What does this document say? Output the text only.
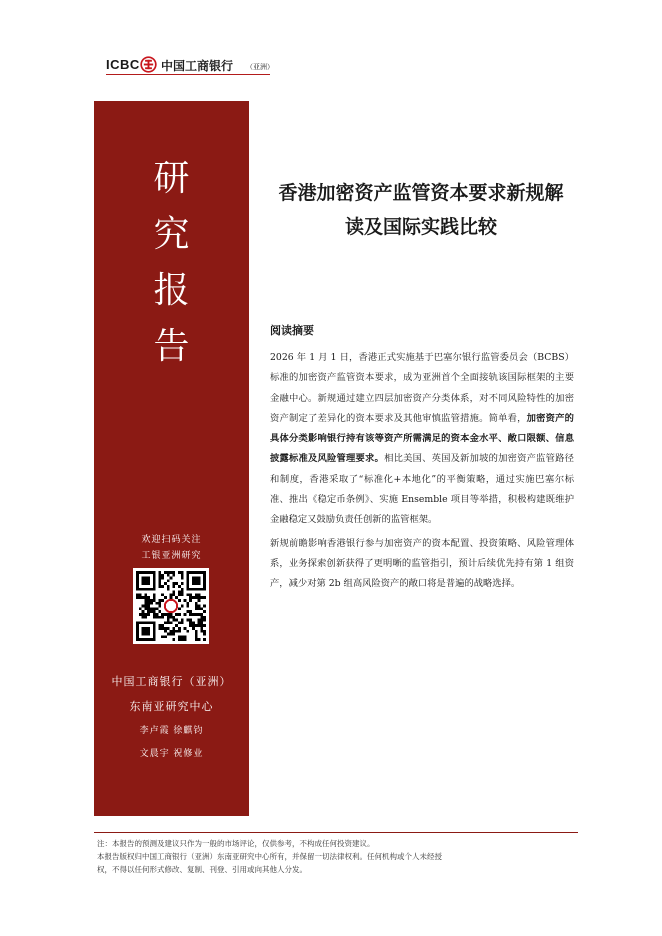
ICBC 中国工商银行 （亚洲）
研
究
报
告
欢迎扫码关注
工银亚洲研究
中国工商银行（亚洲）
东南亚研究中心
李卢霞 徐麒钧
文晨宇 祝修业
香港加密资产监管资本要求新规解
读及国际实践比较
阅读摘要

2026 年 1 月 1 日，香港正式实施基于巴塞尔银行监管委员会（BCBS）标准的加密资产监管资本要求，成为亚洲首个全面接轨该国际框架的主要金融中心。新规通过建立四层加密资产分类体系，对不同风险特性的加密资产制定了差异化的资本要求及其他审慎监管措施。简单看，加密资产的具体分类影响银行持有该等资产所需满足的资本金水平、敞口限额、信息披露标准及风险管理要求。相比美国、英国及新加坡的加密资产监管路径和制度，香港采取了“标准化+本地化”的平衡策略，通过实施巴塞尔标准、推出《稳定币条例》、实施 Ensemble 项目等举措，积极构建既维护金融稳定又鼓励负责任创新的监管框架。

新规前瞻影响香港银行参与加密资产的资本配置、投资策略、风险管理体系，业务探索创新获得了更明晰的监管指引，预计后续优先持有第 1 组资产，减少对第 2b 组高风险资产的敞口将是普遍的战略选择。

注：本报告的预测及建议只作为一般的市场评论，仅供参考，不构成任何投资建议。
本报告版权归中国工商银行（亚洲）东南亚研究中心所有，并保留一切法律权利。任何机构或个人未经授
权，不得以任何形式修改、复制、刊登、引用或向其他人分发。
